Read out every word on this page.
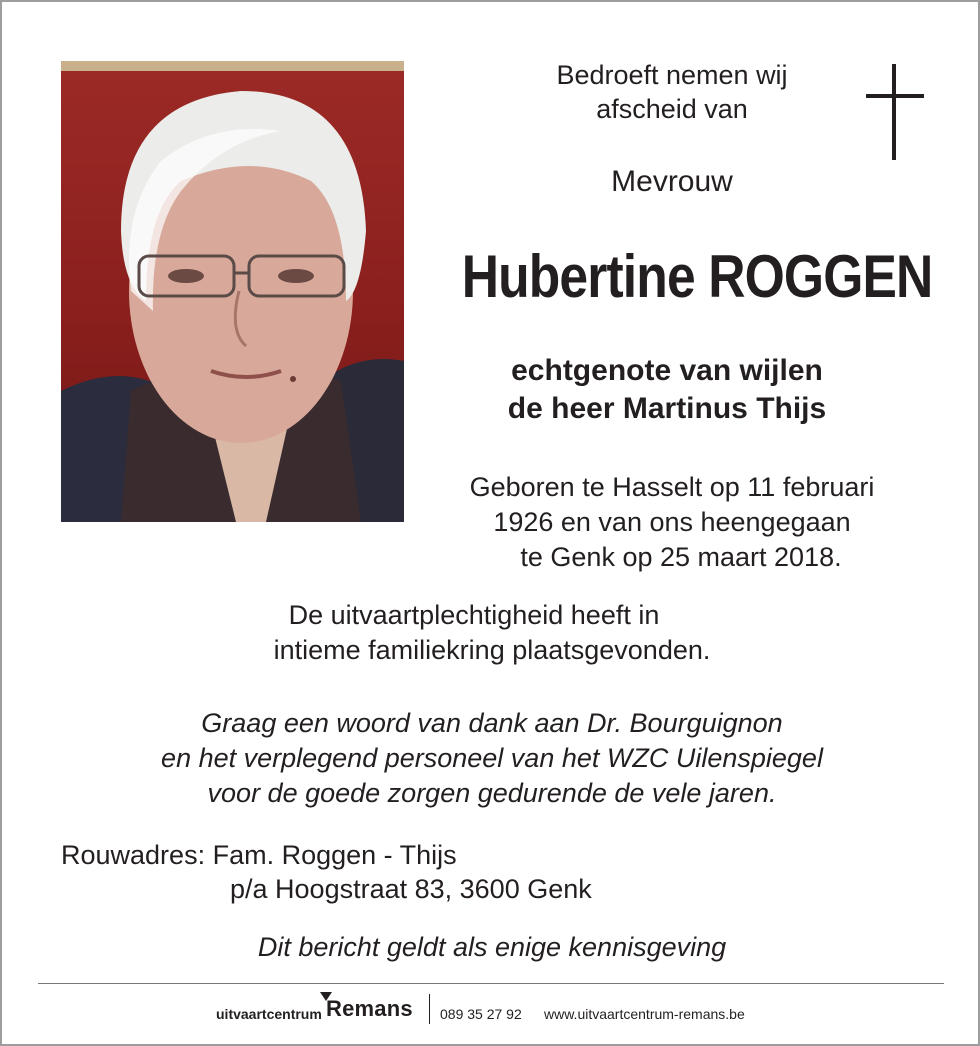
Bedroeft nemen wij
afscheid van
Mevrouw
Hubertine ROGGEN
echtgenote van wijlen
de heer Martinus Thijs
Geboren te Hasselt op 11 februari
1926 en van ons heengegaan
te Genk op 25 maart 2018.
De uitvaartplechtigheid heeft in
intieme familiekring plaatsgevonden.
Graag een woord van dank aan Dr. Bourguignon
en het verplegend personeel van het WZC Uilenspiegel
voor de goede zorgen gedurende de vele jaren.
Rouwadres: Fam. Roggen - Thijs
p/a Hoogstraat 83, 3600 Genk
Dit bericht geldt als enige kennisgeving
uitvaartcentrum Remans 089 35 27 92 www.uitvaartcentrum-remans.be
